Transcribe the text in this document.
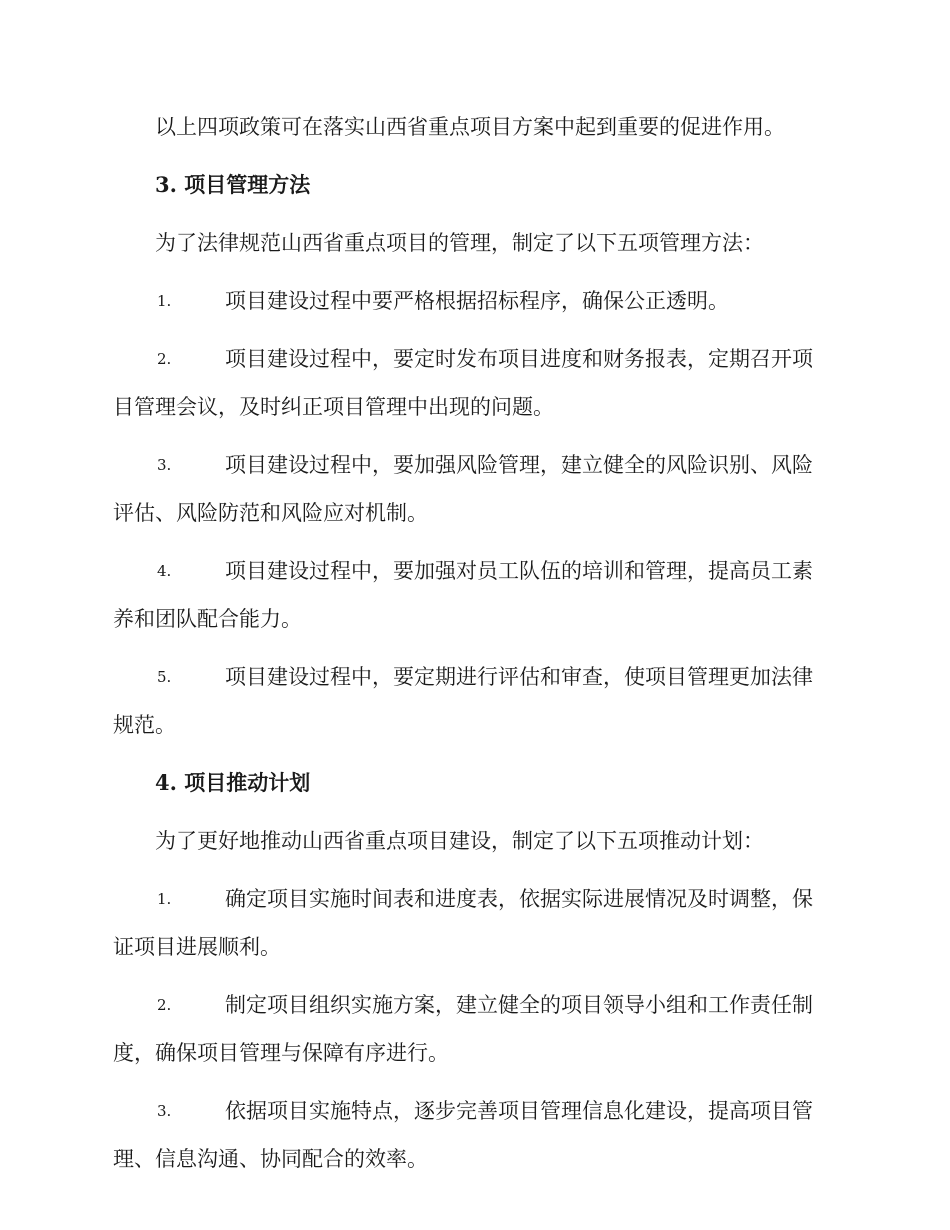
以上四项政策可在落实山西省重点项目方案中起到重要的促进作用。

3. 项目管理方法

为了法律规范山西省重点项目的管理，制定了以下五项管理方法：

1.	项目建设过程中要严格根据招标程序，确保公正透明。

2.	项目建设过程中，要定时发布项目进度和财务报表，定期召开项目管理会议，及时纠正项目管理中出现的问题。

3.	项目建设过程中，要加强风险管理，建立健全的风险识别、风险评估、风险防范和风险应对机制。

4.	项目建设过程中，要加强对员工队伍的培训和管理，提高员工素养和团队配合能力。

5.	项目建设过程中，要定期进行评估和审查，使项目管理更加法律规范。

4. 项目推动计划

为了更好地推动山西省重点项目建设，制定了以下五项推动计划：

1.	确定项目实施时间表和进度表，依据实际进展情况及时调整，保证项目进展顺利。

2.	制定项目组织实施方案，建立健全的项目领导小组和工作责任制度，确保项目管理与保障有序进行。

3.	依据项目实施特点，逐步完善项目管理信息化建设，提高项目管理、信息沟通、协同配合的效率。
